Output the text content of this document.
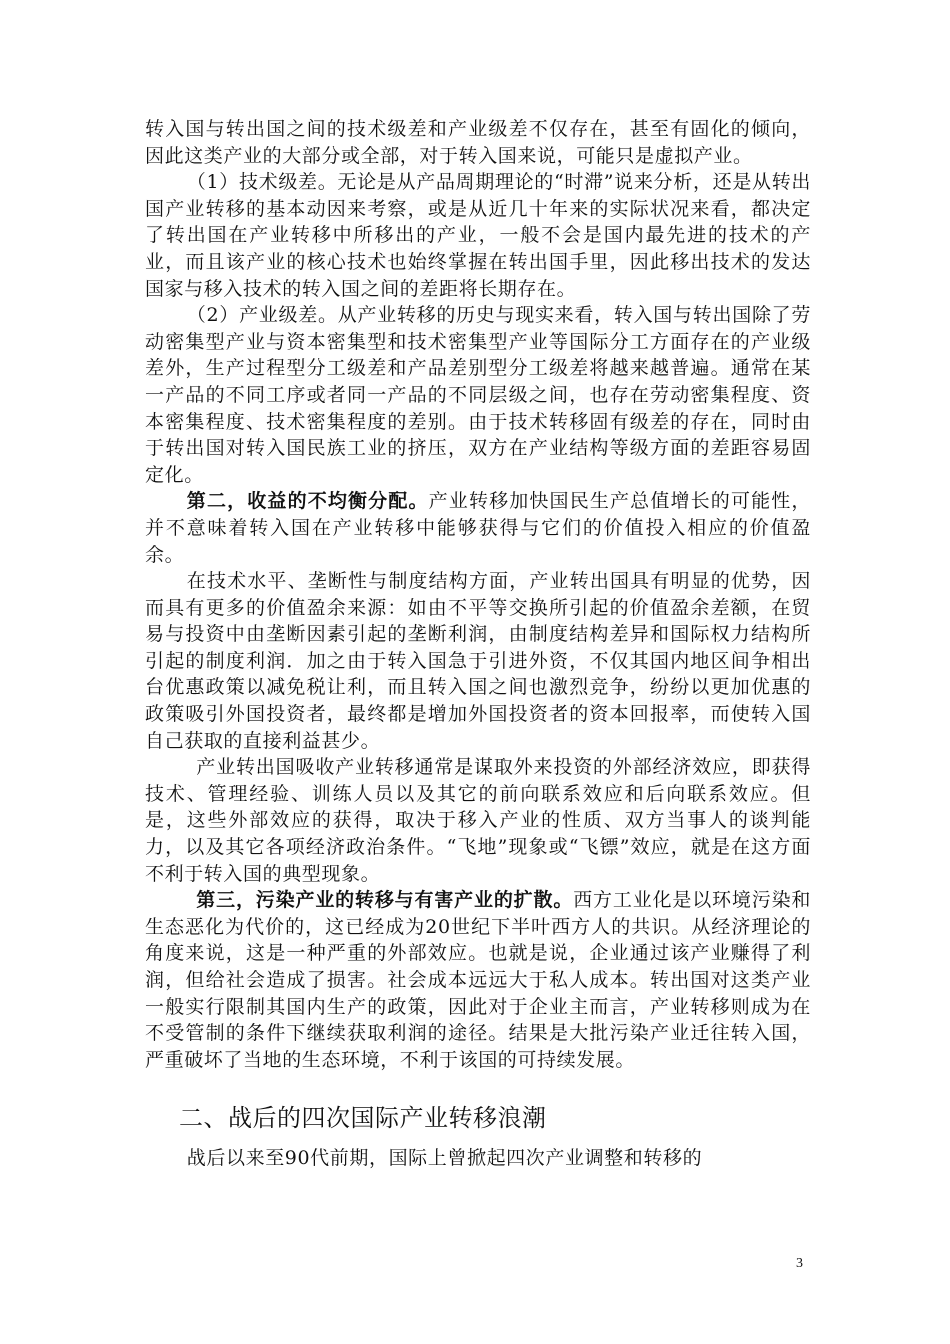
转入国与转出国之间的技术级差和产业级差不仅存在，甚至有固化的倾向，因此这类产业的大部分或全部，对于转入国来说，可能只是虚拟产业。

（1）技术级差。无论是从产品周期理论的“时滞”说来分析，还是从转出国产业转移的基本动因来考察，或是从近几十年来的实际状况来看，都决定了转出国在产业转移中所移出的产业，一般不会是国内最先进的技术的产业，而且该产业的核心技术也始终掌握在转出国手里，因此移出技术的发达国家与移入技术的转入国之间的差距将长期存在。

（2）产业级差。从产业转移的历史与现实来看，转入国与转出国除了劳动密集型产业与资本密集型和技术密集型产业等国际分工方面存在的产业级差外，生产过程型分工级差和产品差别型分工级差将越来越普遍。通常在某一产品的不同工序或者同一产品的不同层级之间，也存在劳动密集程度、资本密集程度、技术密集程度的差别。由于技术转移固有级差的存在，同时由于转出国对转入国民族工业的挤压，双方在产业结构等级方面的差距容易固定化。

第二，收益的不均衡分配。产业转移加快国民生产总值增长的可能性，并不意味着转入国在产业转移中能够获得与它们的价值投入相应的价值盈余。

在技术水平、垄断性与制度结构方面，产业转出国具有明显的优势，因而具有更多的价值盈余来源：如由不平等交换所引起的价值盈余差额，在贸易与投资中由垄断因素引起的垄断利润，由制度结构差异和国际权力结构所引起的制度利润．加之由于转入国急于引进外资，不仅其国内地区间争相出台优惠政策以减免税让利，而且转入国之间也激烈竞争，纷纷以更加优惠的政策吸引外国投资者，最终都是增加外国投资者的资本回报率，而使转入国自己获取的直接利益甚少。

产业转出国吸收产业转移通常是谋取外来投资的外部经济效应，即获得技术、管理经验、训练人员以及其它的前向联系效应和后向联系效应。但是，这些外部效应的获得，取决于移入产业的性质、双方当事人的谈判能力，以及其它各项经济政治条件。“飞地”现象或“飞镖”效应，就是在这方面不利于转入国的典型现象。

第三，污染产业的转移与有害产业的扩散。西方工业化是以环境污染和生态恶化为代价的，这已经成为20世纪下半叶西方人的共识。从经济理论的角度来说，这是一种严重的外部效应。也就是说，企业通过该产业赚得了利润，但给社会造成了损害。社会成本远远大于私人成本。转出国对这类产业一般实行限制其国内生产的政策，因此对于企业主而言，产业转移则成为在不受管制的条件下继续获取利润的途径。结果是大批污染产业迁往转入国，严重破坏了当地的生态环境，不利于该国的可持续发展。

二、战后的四次国际产业转移浪潮

战后以来至90代前期，国际上曾掀起四次产业调整和转移的

3
